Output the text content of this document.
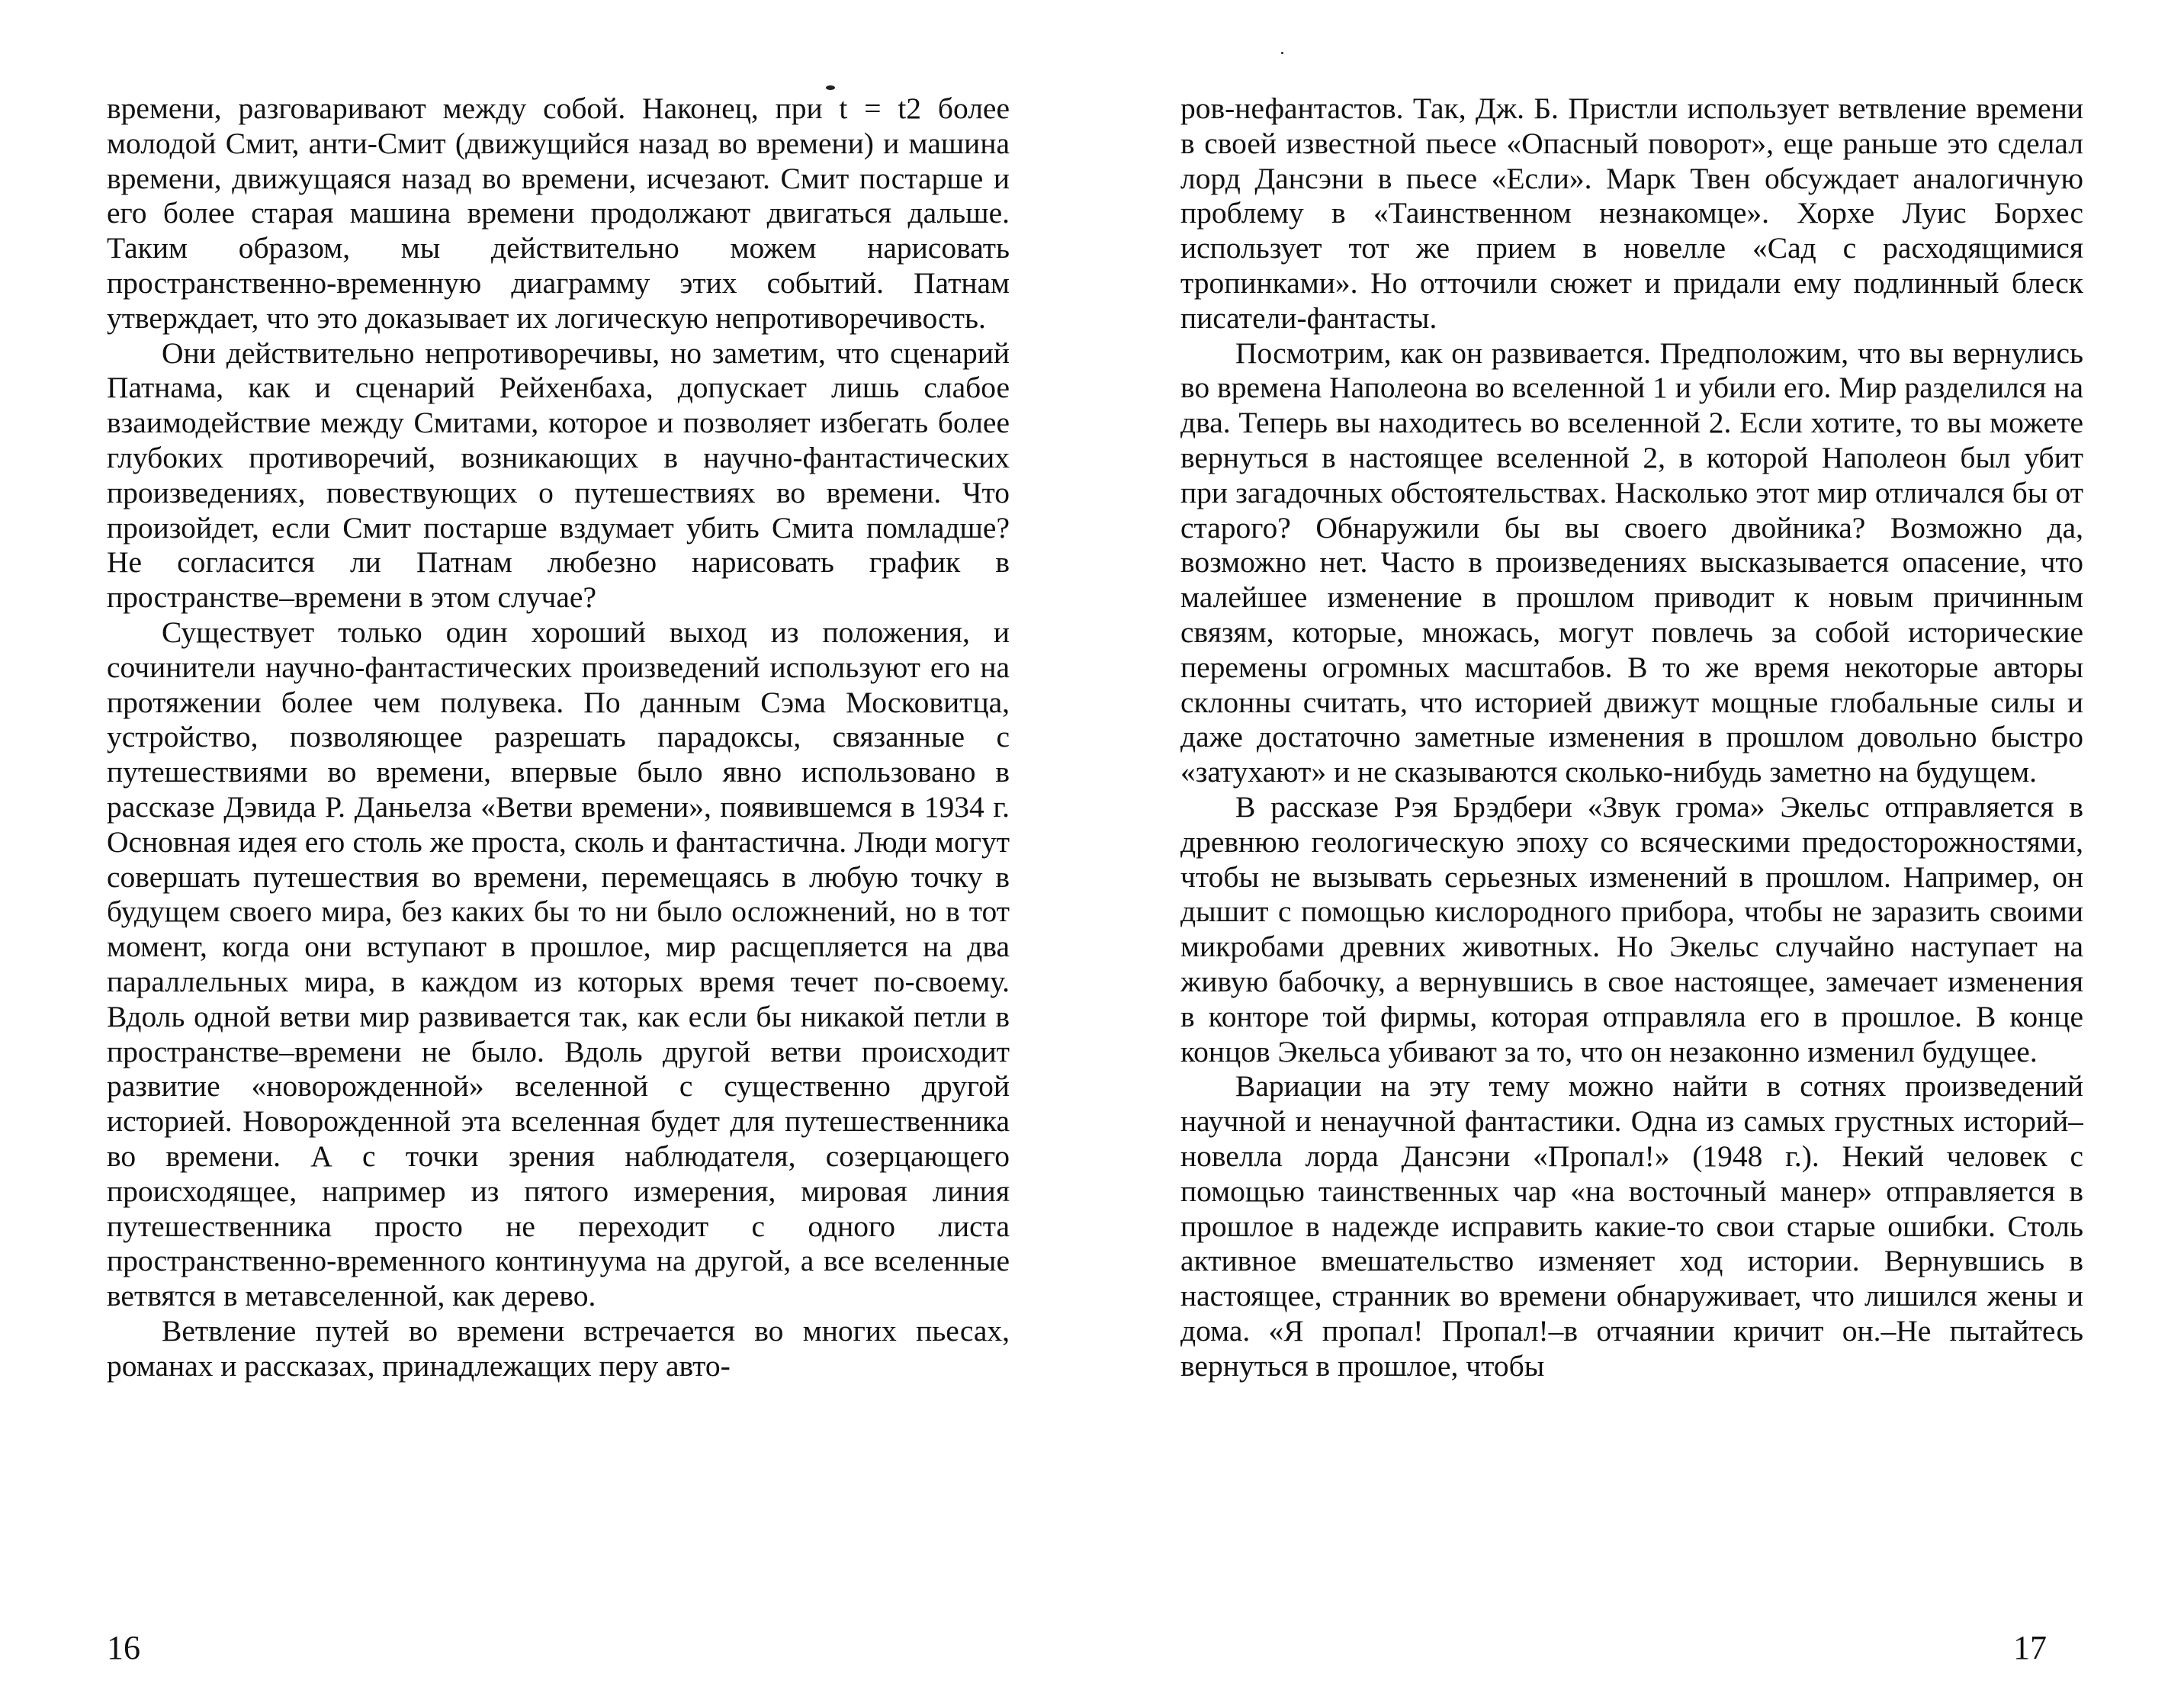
времени, разговаривают между собой. Наконец, при t = t2 более молодой Смит, анти-Смит (движущийся назад во времени) и машина времени, движущаяся назад во времени, исчезают. Смит постарше и его более старая машина времени продолжают двигаться дальше. Таким образом, мы действительно можем нарисовать пространственно-временную диаграмму этих событий. Патнам утверждает, что это доказывает их логическую непротиворечивость.

Они действительно непротиворечивы, но заметим, что сценарий Патнама, как и сценарий Рейхенбаха, допускает лишь слабое взаимодействие между Смитами, которое и позволяет избегать более глубоких противоречий, возникающих в научно-фантастических произведениях, повествующих о путешествиях во времени. Что произойдет, если Смит постарше вздумает убить Смита помладше? Не согласится ли Патнам любезно нарисовать график в пространстве–времени в этом случае?

Существует только один хороший выход из положения, и сочинители научно-фантастических произведений используют его на протяжении более чем полувека. По данным Сэма Московитца, устройство, позволяющее разрешать парадоксы, связанные с путешествиями во времени, впервые было явно использовано в рассказе Дэвида Р. Даньелза «Ветви времени», появившемся в 1934 г. Основная идея его столь же проста, сколь и фантастична. Люди могут совершать путешествия во времени, перемещаясь в любую точку в будущем своего мира, без каких бы то ни было осложнений, но в тот момент, когда они вступают в прошлое, мир расщепляется на два параллельных мира, в каждом из которых время течет по-своему. Вдоль одной ветви мир развивается так, как если бы никакой петли в пространстве–времени не было. Вдоль другой ветви происходит развитие «новорожденной» вселенной с существенно другой историей. Новорожденной эта вселенная будет для путешественника во времени. А с точки зрения наблюдателя, созерцающего происходящее, например из пятого измерения, мировая линия путешественника просто не переходит с одного листа пространственно-временного континуума на другой, а все вселенные ветвятся в метавселенной, как дерево.

Ветвление путей во времени встречается во многих пьесах, романах и рассказах, принадлежащих перу авто-

16

ров-нефантастов. Так, Дж. Б. Пристли использует ветвление времени в своей известной пьесе «Опасный поворот», еще раньше это сделал лорд Дансэни в пьесе «Если». Марк Твен обсуждает аналогичную проблему в «Таинственном незнакомце». Хорхе Луис Борхес использует тот же прием в новелле «Сад с расходящимися тропинками». Но отточили сюжет и придали ему подлинный блеск писатели-фантасты.

Посмотрим, как он развивается. Предположим, что вы вернулись во времена Наполеона во вселенной 1 и убили его. Мир разделился на два. Теперь вы находитесь во вселенной 2. Если хотите, то вы можете вернуться в настоящее вселенной 2, в которой Наполеон был убит при загадочных обстоятельствах. Насколько этот мир отличался бы от старого? Обнаружили бы вы своего двойника? Возможно да, возможно нет. Часто в произведениях высказывается опасение, что малейшее изменение в прошлом приводит к новым причинным связям, которые, множась, могут повлечь за собой исторические перемены огромных масштабов. В то же время некоторые авторы склонны считать, что историей движут мощные глобальные силы и даже достаточно заметные изменения в прошлом довольно быстро «затухают» и не сказываются сколько-нибудь заметно на будущем.

В рассказе Рэя Брэдбери «Звук грома» Экельс отправляется в древнюю геологическую эпоху со всяческими предосторожностями, чтобы не вызывать серьезных изменений в прошлом. Например, он дышит с помощью кислородного прибора, чтобы не заразить своими микробами древних животных. Но Экельс случайно наступает на живую бабочку, а вернувшись в свое настоящее, замечает изменения в конторе той фирмы, которая отправляла его в прошлое. В конце концов Экельса убивают за то, что он незаконно изменил будущее.

Вариации на эту тему можно найти в сотнях произведений научной и ненаучной фантастики. Одна из самых грустных историй–новелла лорда Дансэни «Пропал!» (1948 г.). Некий человек с помощью таинственных чар «на восточный манер» отправляется в прошлое в надежде исправить какие-то свои старые ошибки. Столь активное вмешательство изменяет ход истории. Вернувшись в настоящее, странник во времени обнаруживает, что лишился жены и дома. «Я пропал! Пропал!–в отчаянии кричит он.–Не пытайтесь вернуться в прошлое, чтобы

17
